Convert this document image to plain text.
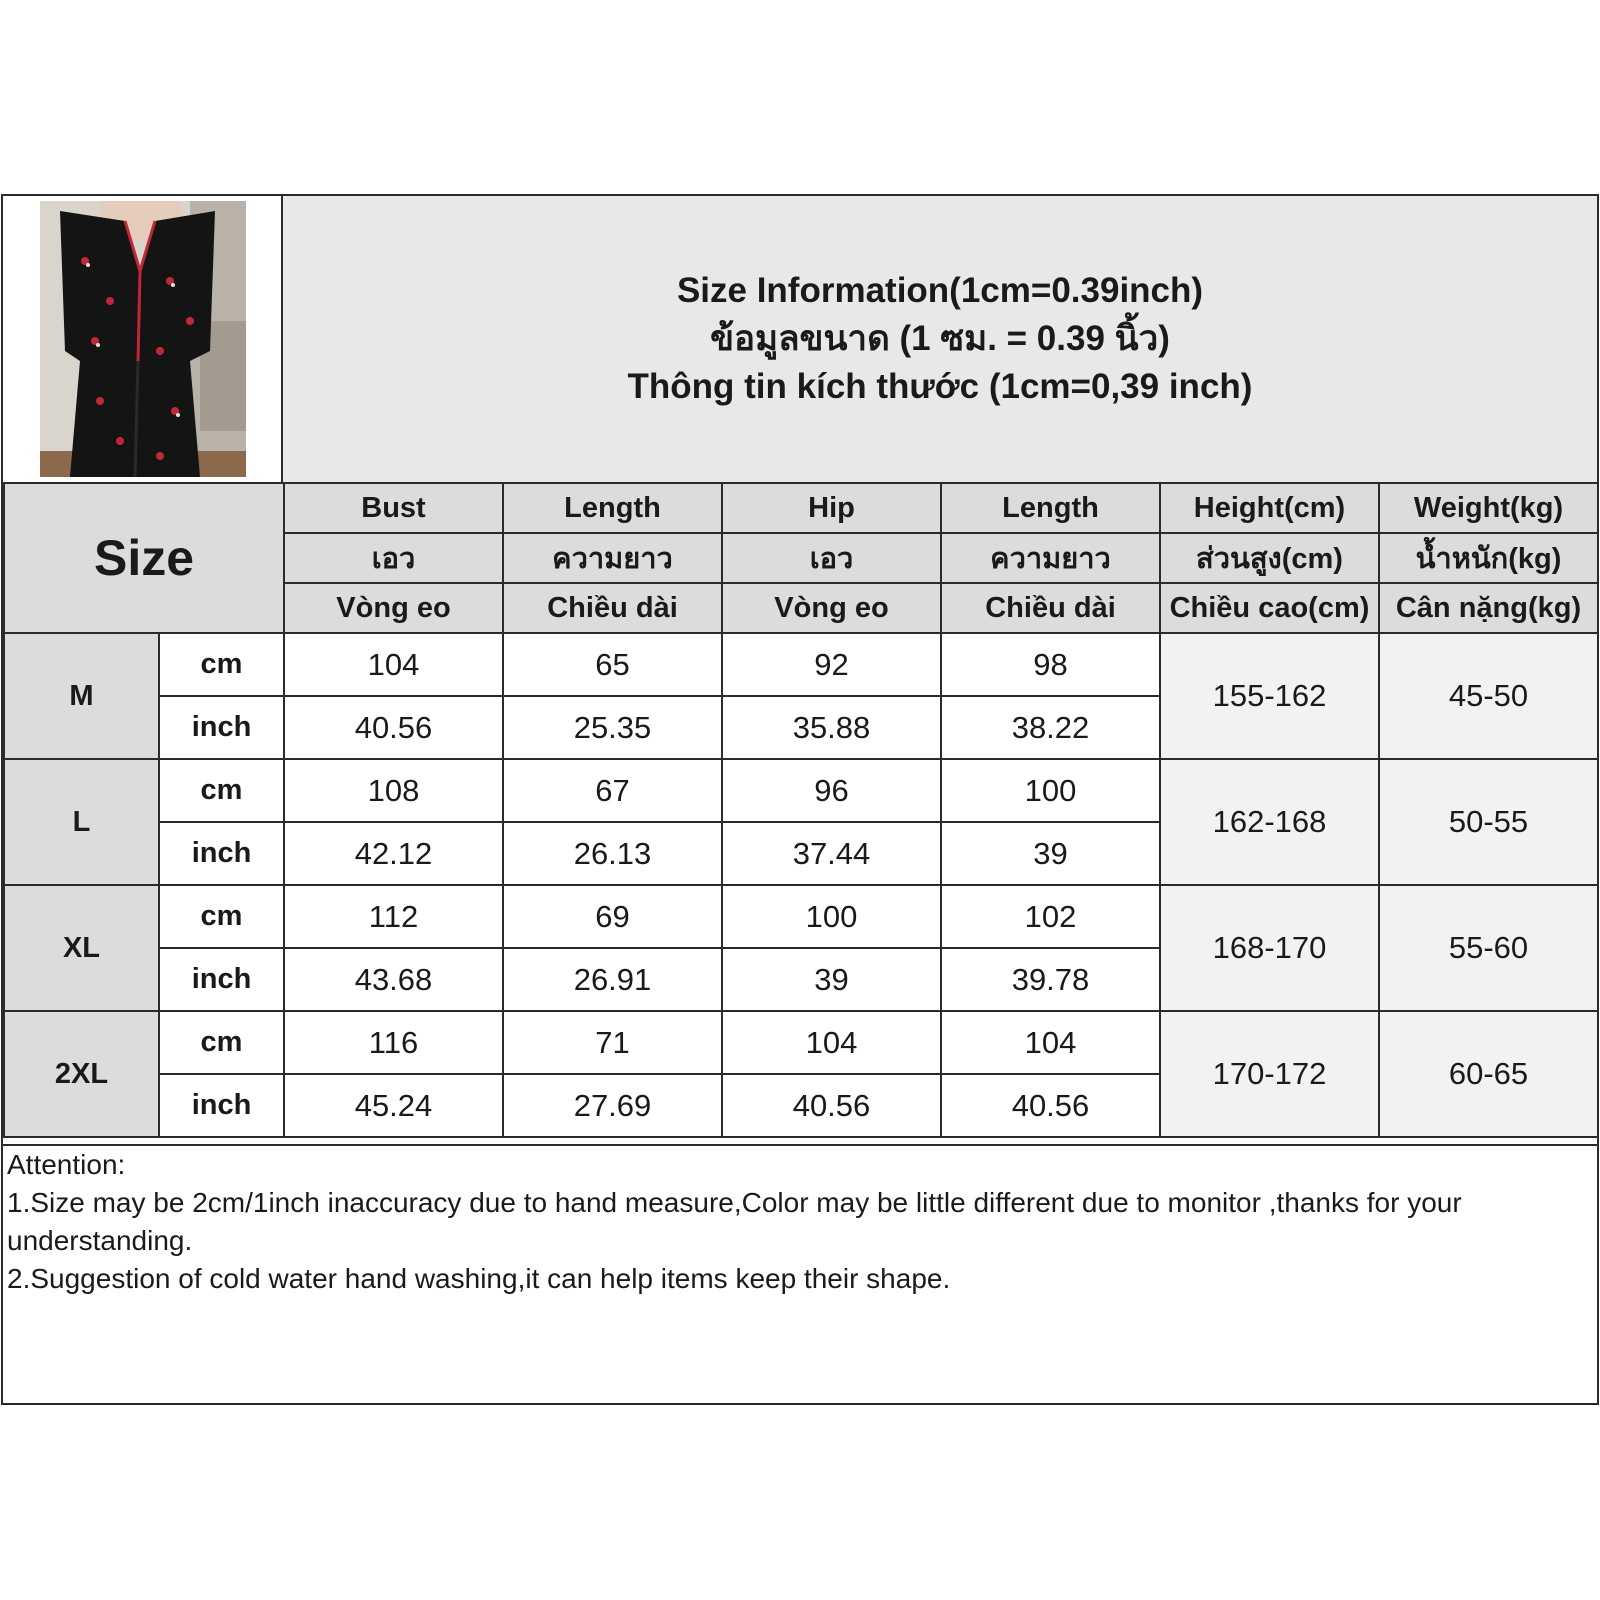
Size Information(1cm=0.39inch)
ข้อมูลขนาด (1 ซม. = 0.39 นิ้ว)
Thông tin kích thước (1cm=0,39 inch)
Size		Bust	Length	Hip	Length	Height(cm)	Weight(kg)
		เอว	ความยาว	เอว	ความยาว	ส่วนสูง(cm)	น้ำหนัก(kg)
		Vòng eo	Chiều dài	Vòng eo	Chiều dài	Chiều cao(cm)	Cân nặng(kg)
M	cm	104	65	92	98	155-162	45-50
	inch	40.56	25.35	35.88	38.22		
L	cm	108	67	96	100	162-168	50-55
	inch	42.12	26.13	37.44	39		
XL	cm	112	69	100	102	168-170	55-60
	inch	43.68	26.91	39	39.78		
2XL	cm	116	71	104	104	170-172	60-65
	inch	45.24	27.69	40.56	40.56		

Attention:

1.Size may be 2cm/1inch inaccuracy due to hand measure,Color may be little different due to monitor ,thanks for your understanding.

2.Suggestion of cold water hand washing,it can help items keep their shape.
